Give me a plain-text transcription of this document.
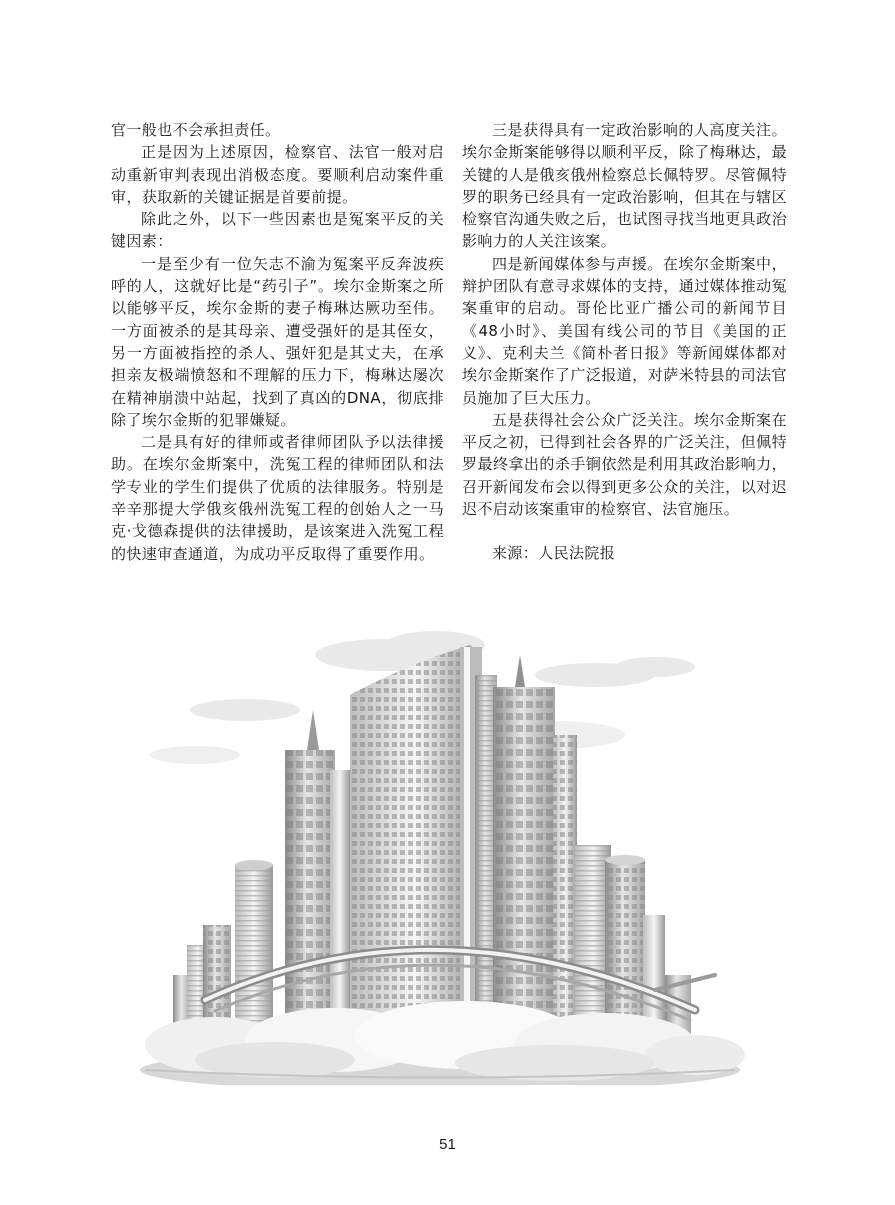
官一般也不会承担责任。

正是因为上述原因，检察官、法官一般对启动重新审判表现出消极态度。要顺利启动案件重审，获取新的关键证据是首要前提。

除此之外，以下一些因素也是冤案平反的关键因素：

一是至少有一位矢志不渝为冤案平反奔波疾呼的人，这就好比是“药引子”。埃尔金斯案之所以能够平反，埃尔金斯的妻子梅琳达厥功至伟。一方面被杀的是其母亲、遭受强奸的是其侄女，另一方面被指控的杀人、强奸犯是其丈夫，在承担亲友极端愤怒和不理解的压力下，梅琳达屡次在精神崩溃中站起，找到了真凶的DNA，彻底排除了埃尔金斯的犯罪嫌疑。

二是具有好的律师或者律师团队予以法律援助。在埃尔金斯案中，洗冤工程的律师团队和法学专业的学生们提供了优质的法律服务。特别是辛辛那提大学俄亥俄州洗冤工程的创始人之一马克·戈德森提供的法律援助，是该案进入洗冤工程的快速审查通道，为成功平反取得了重要作用。

三是获得具有一定政治影响的人高度关注。埃尔金斯案能够得以顺利平反，除了梅琳达，最关键的人是俄亥俄州检察总长佩特罗。尽管佩特罗的职务已经具有一定政治影响，但其在与辖区检察官沟通失败之后，也试图寻找当地更具政治影响力的人关注该案。

四是新闻媒体参与声援。在埃尔金斯案中，辩护团队有意寻求媒体的支持，通过媒体推动冤案重审的启动。哥伦比亚广播公司的新闻节目《48小时》、美国有线公司的节目《美国的正义》、克利夫兰《简朴者日报》等新闻媒体都对埃尔金斯案作了广泛报道，对萨米特县的司法官员施加了巨大压力。

五是获得社会公众广泛关注。埃尔金斯案在平反之初，已得到社会各界的广泛关注，但佩特罗最终拿出的杀手锏依然是利用其政治影响力，召开新闻发布会以得到更多公众的关注，以对迟迟不启动该案重审的检察官、法官施压。

来源：人民法院报

51
